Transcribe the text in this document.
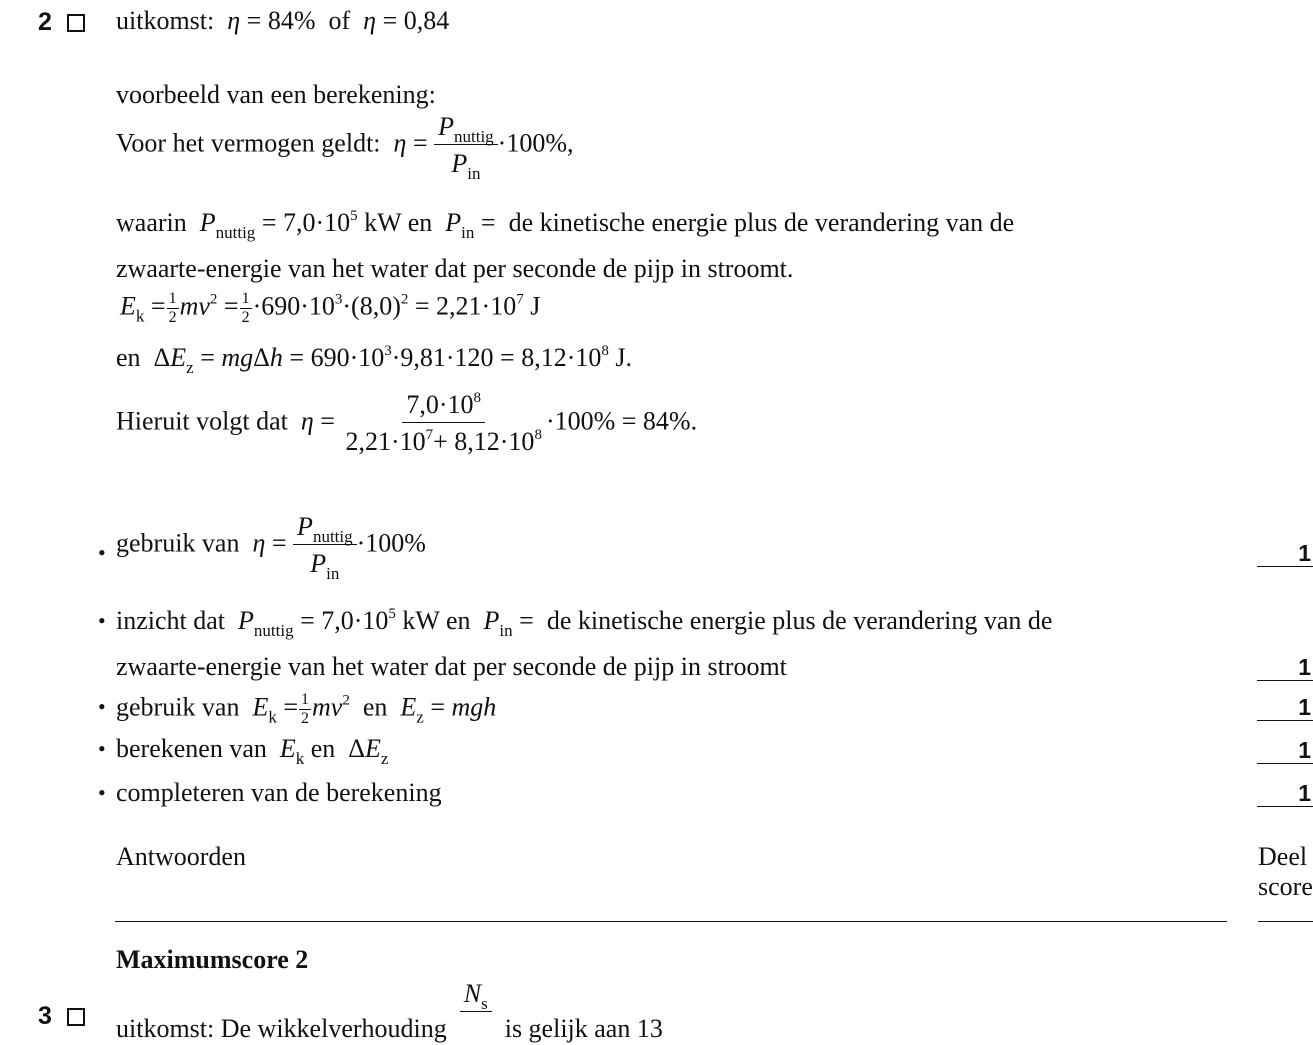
2 uitkomst: η = 84% of η = 0,84
voorbeeld van een berekening:
Voor het vermogen geldt: $\eta = \frac{P_{nuttig}}{P_{in}} \cdot 100\%$,
waarin $P_{nuttig} = 7,0\cdot 10^5$ kW en $P_{in}$ = de kinetische energie plus de verandering van de
zwaarte-energie van het water dat per seconde de pijp in stroomt.
$E_k = \frac{1}{2} mv^2 = \frac{1}{2} \cdot 690\cdot 10^3\cdot(8,0)^2 = 2,21\cdot 10^7$ J
en  $\Delta E_z = mg\Delta h = 690\cdot 10^3\cdot 9,81\cdot 120 = 8,12\cdot 10^8$ J.
Hieruit volgt dat $\eta = \frac{7,0\cdot 10^8}{2,21\cdot 10^7+ 8,12\cdot 10^8} \cdot 100\% = 84\%$.
• gebruik van $\eta = \frac{P_{nuttig}}{P_{in}} \cdot 100\%$	1
• inzicht dat $P_{nuttig} = 7,0\cdot 10^5$ kW en $P_{in}$ = de kinetische energie plus de verandering van de
zwaarte-energie van het water dat per seconde de pijp in stroomt	1
• gebruik van $E_k = \frac{1}{2} mv^2$ en $E_z$ = mgh	1
• berekenen van $E_k$ en  $\Delta E_z$	1
• completeren van de berekening	1
Antwoorden	Deel
score
Maximumscore 2
3 uitkomst: De wikkelverhouding
$N_s$

is gelijk aan 13
